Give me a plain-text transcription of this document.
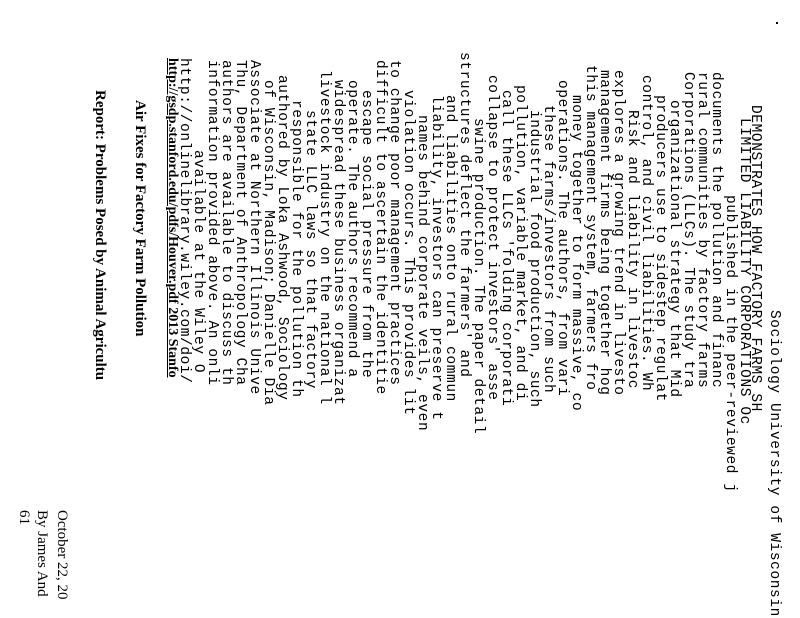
Sociology University of Wisconsin
DEMONSTRATES HOW FACTORY FARMS SH
LIMITED LIABILITY CORPORATIONS Oc
published in the peer-reviewed j
documents the pollution and financ
rural communities by factory farms
Corporations (LLCs). The study tra
organizational strategy that Mid
producers use to sidestep regulat
control, and civil liabilities. Wh
Risk and liability in livestoc
explores a growing trend in livesto
management firms being together hog
this management system, farmers fro
money together to form massive, co
operations. The authors, from vari
these farms/investors from such
industrial food production, such
pollution, variable market, and di
call these LLCs 'folding corporati
collapse to protect investors' asse
swine production. The paper detail
structures deflect the farmers' and
and liabilities onto rural commun
liability, investors can preserve t
names behind corporate veils, even
violation occurs. This provides lit
to change poor management practices
difficult to ascertain the identitie
escape social pressure from the
operate. The authors recommend a
widespread these business organizat
livestock industry on the national l
state LLC laws so that factory
responsible for the pollution th
authored by Loka Ashwood, Sociology
of Wisconsin, Madison; Danielle Dia
Associate at Northern Illinois Unive
Thu, Department of Anthropology Cha
authors are available to discuss th
information provided above. An onli
available at the Wiley O
http://onlinelibrary.wiley.com/doi/
http://gsdp.stanford.edu/pdfs/Houver.pdf 2013 Stanfo
Air Fixes for Factory Farm Pollution
Report: Problems Posed by Animal Agricultu
October 22, 20
By James And
61
